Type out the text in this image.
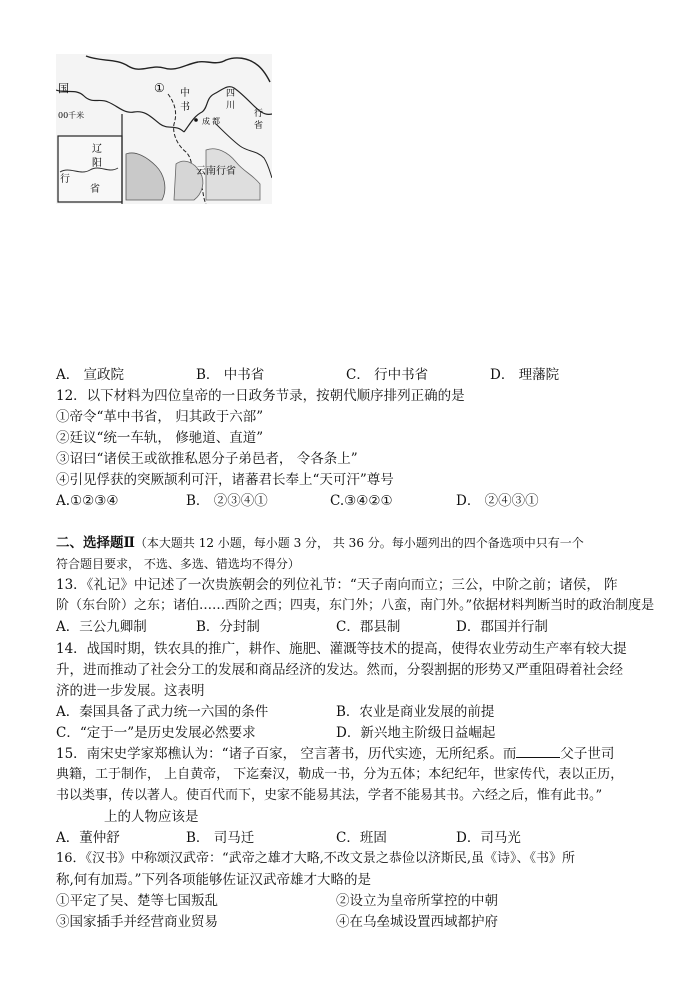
①
国
00千米
辽
阳
行
省
中
书
成 都
四
川
行
省
云南行省
A． 宣政院	B． 中书省	C． 行中书省	D． 理藩院
12．以下材料为四位皇帝的一日政务节录，按朝代顺序排列正确的是
①帝令“革中书省， 归其政于六部”
②廷议“统一车轨， 修驰道、直道”
③诏曰“诸侯王或欲推私恩分子弟邑者， 令各条上”
④引见俘获的突厥颉利可汗，诸蕃君长奉上“天可汗”尊号
A.①②③④	B． ②③④①	C.③④②①	D． ②④③①
二、选择题Ⅱ（本大题共 12 小题，每小题 3 分， 共 36 分。每小题列出的四个备选项中只有一个
符合题目要求， 不选、多选、错选均不得分）
13．《礼记》中记述了一次贵族朝会的列位礼节：“天子南向而立；三公，中阶之前；诸侯， 阼
阶（东台阶）之东；诸伯……西阶之西；四夷，东门外；八蛮，南门外。”依据材料判断当时的政治制度是
A．三公九卿制	B．分封制	C．郡县制	D．郡国并行制
14．战国时期，铁农具的推广，耕作、施肥、灌溉等技术的提高，使得农业劳动生产率有较大提
升，进而推动了社会分工的发展和商品经济的发达。然而，分裂割据的形势又严重阻碍着社会经
济的进一步发展。这表明
A．秦国具备了武力统一六国的条件	B．农业是商业发展的前提
C．“定于一”是历史发展必然要求	D．新兴地主阶级日益崛起
15．南宋史学家郑樵认为：“诸子百家， 空言著书，历代实迹，无所纪系。而	父子世司
典籍，工于制作， 上自黄帝， 下迄秦汉，勒成一书，分为五体；本纪纪年，世家传代，表以正历，
书以类事，传以著人。使百代而下，史家不能易其法，学者不能易其书。六经之后，惟有此书。”
上的人物应该是
A．董仲舒	B． 司马迁	C．班固	D．司马光
16．《汉书》中称颂汉武帝：“武帝之雄才大略,不改文景之恭俭以济斯民,虽《诗》、《书》所
称,何有加焉。”下列各项能够佐证汉武帝雄才大略的是
①平定了吴、楚等七国叛乱	②设立为皇帝所掌控的中朝
③国家插手并经营商业贸易	④在乌垒城设置西域都护府
